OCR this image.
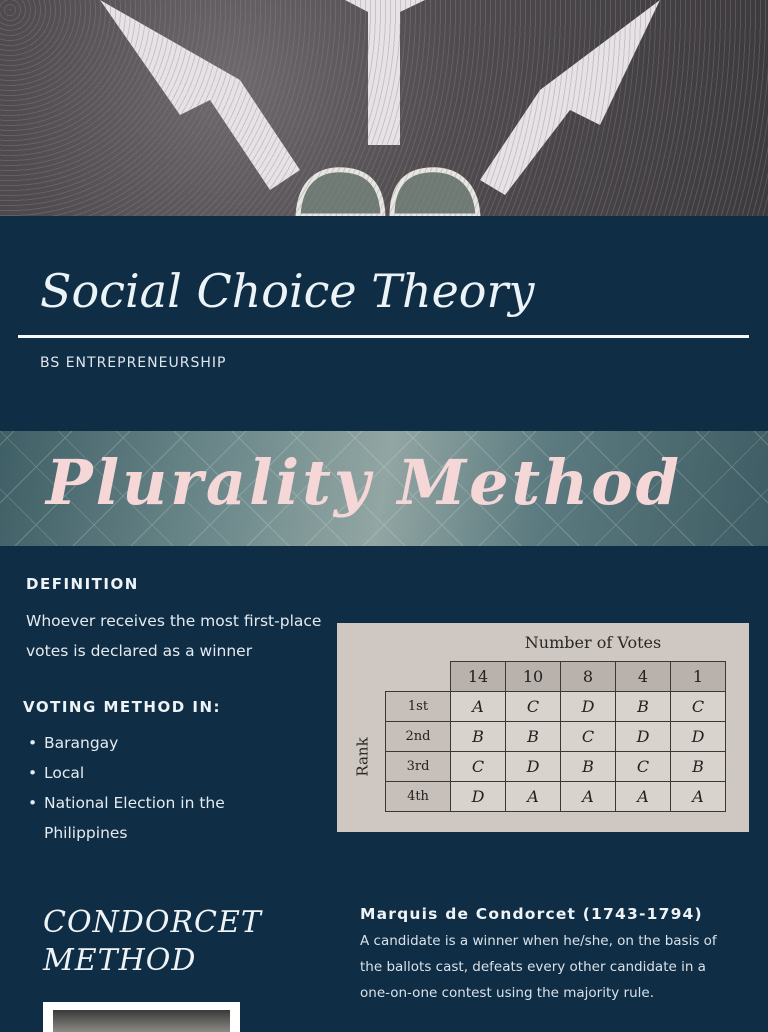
Social Choice Theory
BS ENTREPRENEURSHIP
Plurality Method
DEFINITION
Whoever receives the most first-place votes is declared as a winner
VOTING METHOD IN:
• Barangay
• Local
• National Election in the Philippines
Number of Votes
Rank
	14	10	8	4	1
1st	A	C	D	B	C
2nd	B	B	C	D	D
3rd	C	D	B	C	B
4th	D	A	A	A	A
CONDORCET METHOD
Marquis de Condorcet (1743-1794)
A candidate is a winner when he/she, on the basis of the ballots cast, defeats every other candidate in a one-on-one contest using the majority rule.
